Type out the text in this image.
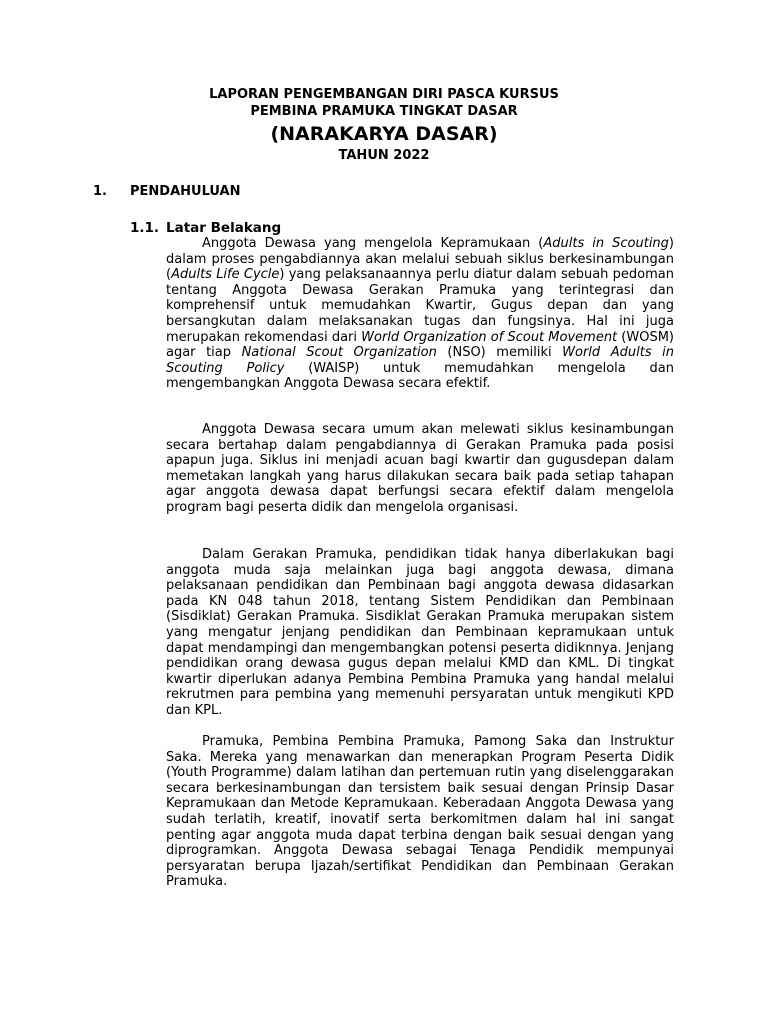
LAPORAN PENGEMBANGAN DIRI PASCA KURSUS
PEMBINA PRAMUKA TINGKAT DASAR
(NARAKARYA DASAR)
TAHUN 2022
1. PENDAHULUAN
1.1. Latar Belakang

Anggota Dewasa yang mengelola Kepramukaan (Adults in Scouting) dalam proses pengabdiannya akan melalui sebuah siklus berkesinambungan (Adults Life Cycle) yang pelaksanaannya perlu diatur dalam sebuah pedoman tentang Anggota Dewasa Gerakan Pramuka yang terintegrasi dan komprehensif untuk memudahkan Kwartir, Gugus depan dan yang bersangkutan dalam melaksanakan tugas dan fungsinya. Hal ini juga merupakan rekomendasi dari World Organization of Scout Movement (WOSM) agar tiap National Scout Organization (NSO) memiliki World Adults in Scouting Policy (WAISP) untuk memudahkan mengelola dan mengembangkan Anggota Dewasa secara efektif.

Anggota Dewasa secara umum akan melewati siklus kesinambungan secara bertahap dalam pengabdiannya di Gerakan Pramuka pada posisi apapun juga. Siklus ini menjadi acuan bagi kwartir dan gugusdepan dalam memetakan langkah yang harus dilakukan secara baik pada setiap tahapan agar anggota dewasa dapat berfungsi secara efektif dalam mengelola program bagi peserta didik dan mengelola organisasi.

Dalam Gerakan Pramuka, pendidikan tidak hanya diberlakukan bagi anggota muda saja melainkan juga bagi anggota dewasa, dimana pelaksanaan pendidikan dan Pembinaan bagi anggota dewasa didasarkan pada KN 048 tahun 2018, tentang Sistem Pendidikan dan Pembinaan (Sisdiklat) Gerakan Pramuka. Sisdiklat Gerakan Pramuka merupakan sistem yang mengatur jenjang pendidikan dan Pembinaan kepramukaan untuk dapat mendampingi dan mengembangkan potensi peserta didiknnya. Jenjang pendidikan orang dewasa gugus depan melalui KMD dan KML. Di tingkat kwartir diperlukan adanya Pembina Pembina Pramuka yang handal melalui rekrutmen para pembina yang memenuhi persyaratan untuk mengikuti KPD dan KPL.

Pramuka, Pembina Pembina Pramuka, Pamong Saka dan Instruktur Saka. Mereka yang menawarkan dan menerapkan Program Peserta Didik (Youth Programme) dalam latihan dan pertemuan rutin yang diselenggarakan secara berkesinambungan dan tersistem baik sesuai dengan Prinsip Dasar Kepramukaan dan Metode Kepramukaan. Keberadaan Anggota Dewasa yang sudah terlatih, kreatif, inovatif serta berkomitmen dalam hal ini sangat penting agar anggota muda dapat terbina dengan baik sesuai dengan yang diprogramkan. Anggota Dewasa sebagai Tenaga Pendidik mempunyai persyaratan berupa Ijazah/sertifikat Pendidikan dan Pembinaan Gerakan Pramuka.
